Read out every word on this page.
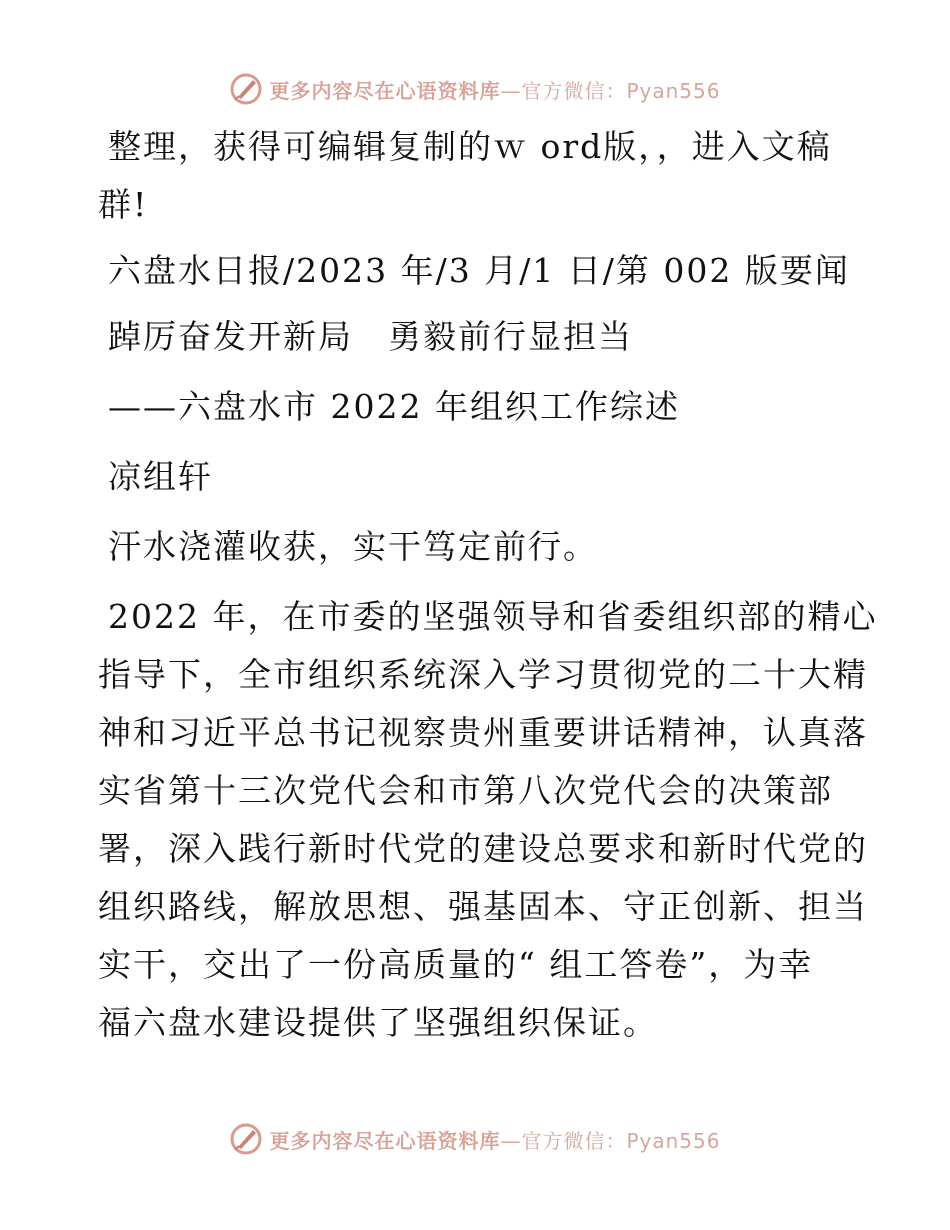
更多内容尽在心语资料库—官方微信：Pyan556
整理，获得可编辑复制的ｗ ord版，，进入文稿
群!
六盘水日报/2023 年/3 月/1 日/第 002 版要闻
踔厉奋发开新局　勇毅前行显担当
——六盘水市 2022 年组织工作综述
凉组轩
汗水浇灌收获，实干笃定前行。
2022 年，在市委的坚强领导和省委组织部的精心
指导下，全市组织系统深入学习贯彻党的二十大精
神和习近平总书记视察贵州重要讲话精神，认真落
实省第十三次党代会和市第八次党代会的决策部
署，深入践行新时代党的建设总要求和新时代党的
组织路线，解放思想、强基固本、守正创新、担当
实干，交出了一份高质量的“ 组工答卷”，为幸
福六盘水建设提供了坚强组织保证。
更多内容尽在心语资料库—官方微信：Pyan556
